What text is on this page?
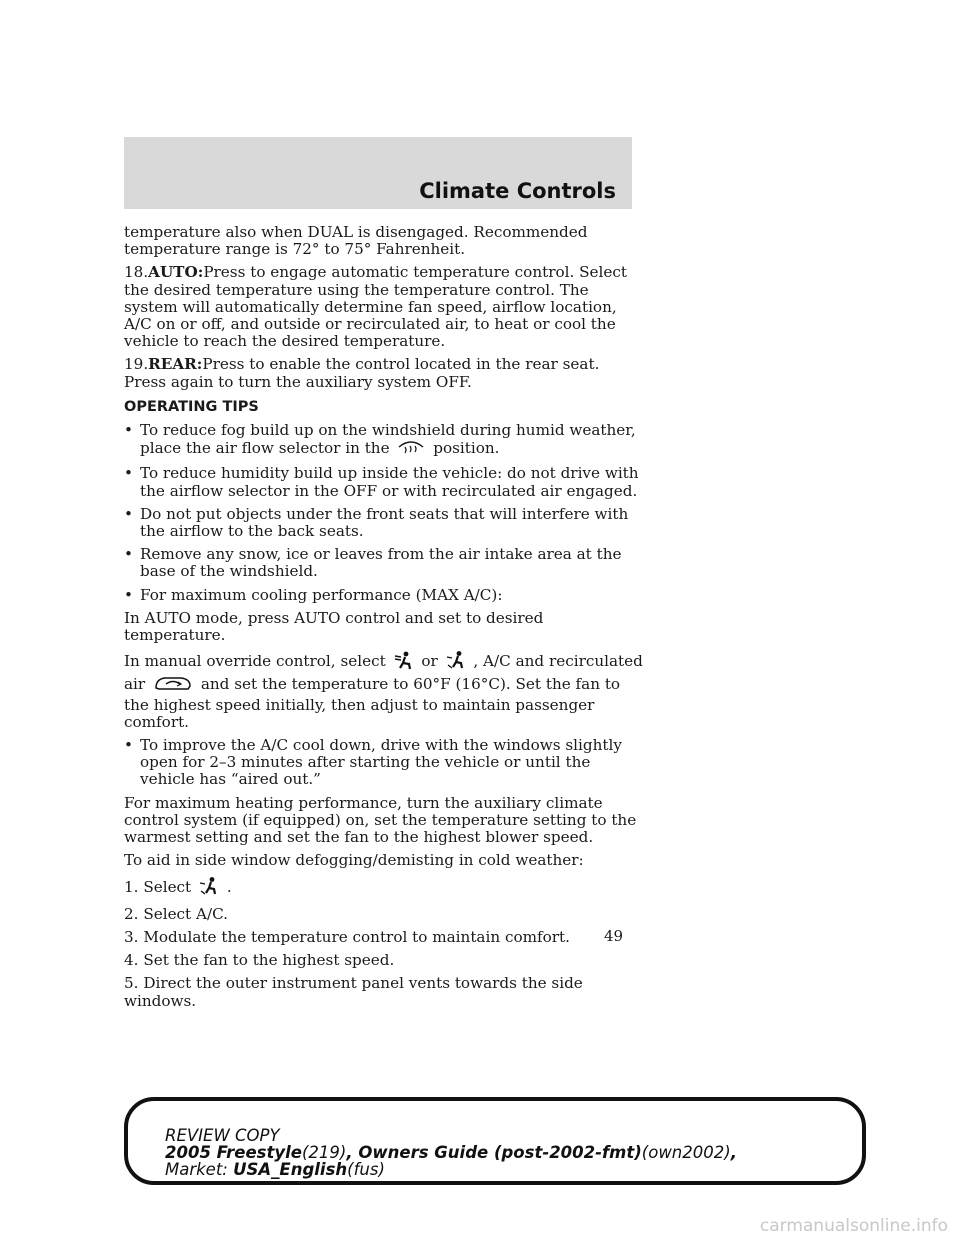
Climate Controls

temperature also when DUAL is disengaged. Recommended temperature range is 72° to 75° Fahrenheit.

18.AUTO:Press to engage automatic temperature control. Select the desired temperature using the temperature control. The system will automatically determine fan speed, airflow location, A/C on or off, and outside or recirculated air, to heat or cool the vehicle to reach the desired temperature.

19.REAR:Press to enable the control located in the rear seat. Press again to turn the auxiliary system OFF.

OPERATING TIPS
• To reduce fog build up on the windshield during humid weather, place the air flow selector in the	position.
• To reduce humidity build up inside the vehicle: do not drive with the airflow selector in the OFF or with recirculated air engaged.
• Do not put objects under the front seats that will interfere with the airflow to the back seats.
• Remove any snow, ice or leaves from the air intake area at the base of the windshield.
• For maximum cooling performance (MAX A/C):

In AUTO mode, press AUTO control and set to desired temperature.

In manual override control, select or , A/C and recirculated
air	and set the temperature to 60°F (16°C). Set the fan to the highest speed initially, then adjust to maintain passenger comfort.

• To improve the A/C cool down, drive with the windows slightly open for 2–3 minutes after starting the vehicle or until the vehicle has “aired out.”

For maximum heating performance, turn the auxiliary climate control system (if equipped) on, set the temperature setting to the warmest setting and set the fan to the highest blower speed.

To aid in side window defogging/demisting in cold weather:

1. Select .

2. Select A/C.

3. Modulate the temperature control to maintain comfort.

4. Set the fan to the highest speed.

5. Direct the outer instrument panel vents towards the side windows.

49
REVIEW COPY
2005 Freestyle(219), Owners Guide (post-2002-fmt)(own2002),
Market: USA_English(fus)
carmanualsonline.info
